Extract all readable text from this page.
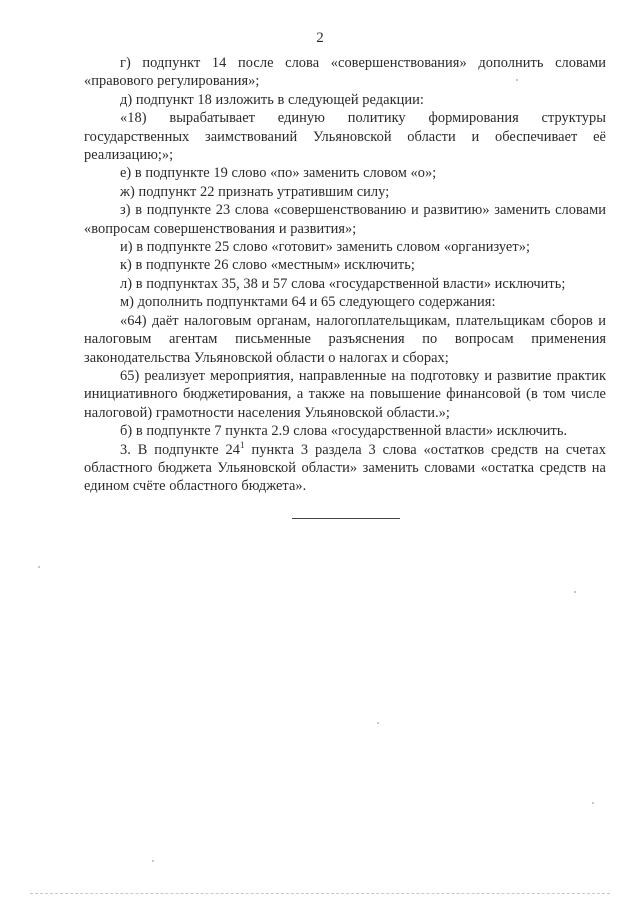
2

г) подпункт 14 после слова «совершенствования» дополнить словами «правового регулирования»;

д) подпункт 18 изложить в следующей редакции:

«18) вырабатывает единую политику формирования структуры государственных заимствований Ульяновской области и обеспечивает её реализацию;»;

е) в подпункте 19 слово «по» заменить словом «о»;

ж) подпункт 22 признать утратившим силу;

з) в подпункте 23 слова «совершенствованию и развитию» заменить словами «вопросам совершенствования и развития»;

и) в подпункте 25 слово «готовит» заменить словом «организует»;

к) в подпункте 26 слово «местным» исключить;

л) в подпунктах 35, 38 и 57 слова «государственной власти» исключить;

м) дополнить подпунктами 64 и 65 следующего содержания:

«64) даёт налоговым органам, налогоплательщикам, плательщикам сборов и налоговым агентам письменные разъяснения по вопросам применения законодательства Ульяновской области о налогах и сборах;

65) реализует мероприятия, направленные на подготовку и развитие практик инициативного бюджетирования, а также на повышение финансовой (в том числе налоговой) грамотности населения Ульяновской области.»;

б) в подпункте 7 пункта 2.9 слова «государственной власти» исключить.

3. В подпункте $24^1$ пункта 3 раздела 3 слова «остатков средств на счетах областного бюджета Ульяновской области» заменить словами «остатка средств на едином счёте областного бюджета».
